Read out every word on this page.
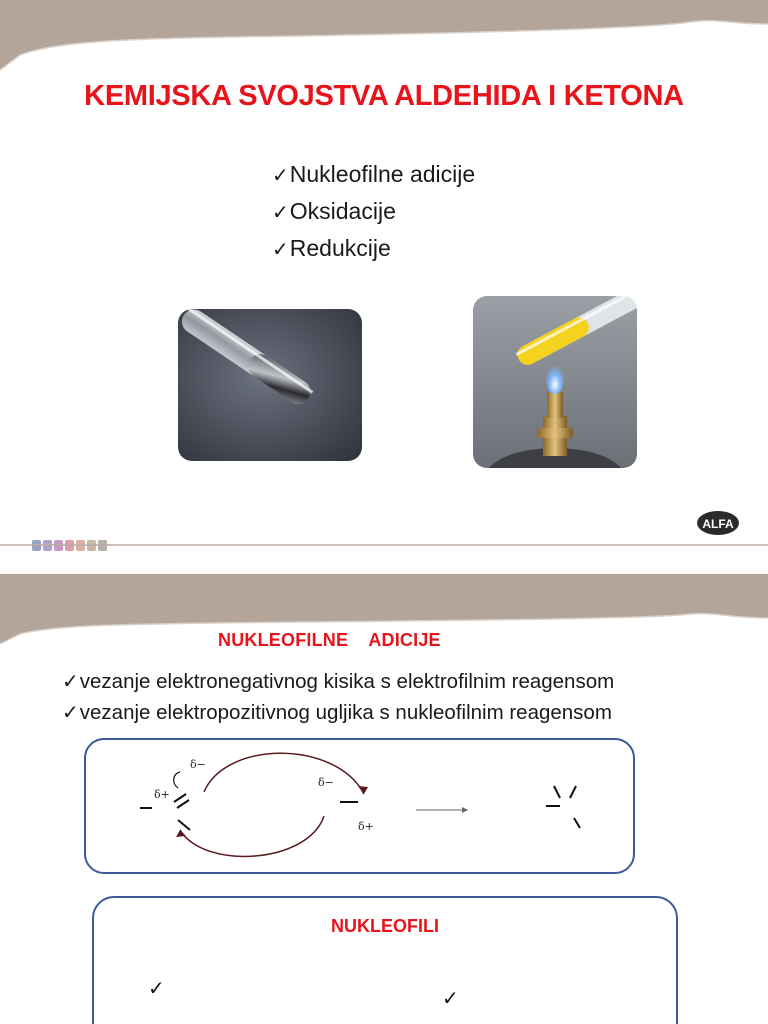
KEMIJSKA SVOJSTVA ALDEHIDA I KETONA
✓Nukleofilne adicije
✓Oksidacije
✓Redukcije
ALFA
NUKLEOFILNE    ADICIJE
✓vezanje elektronegativnog kisika s elektrofilnim reagensom
✓vezanje elektropozitivnog ugljika s nukleofilnim reagensom
δ+
δ−
δ−
δ+
NUKLEOFILI
✓	✓
